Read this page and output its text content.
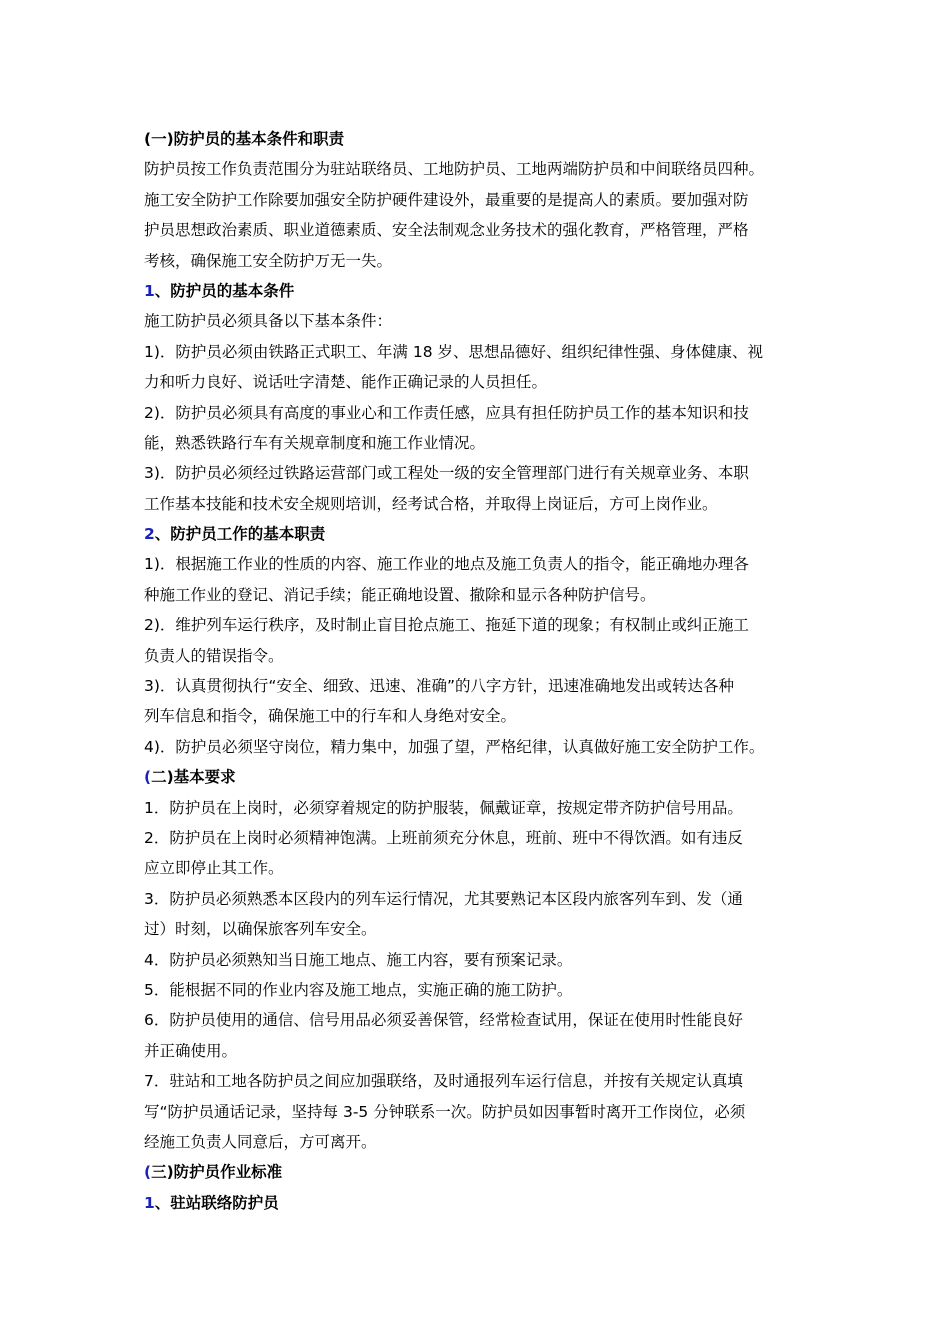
(一)防护员的基本条件和职责
防护员按工作负责范围分为驻站联络员、工地防护员、工地两端防护员和中间联络员四种。
施工安全防护工作除要加强安全防护硬件建设外，最重要的是提高人的素质。要加强对防
护员思想政治素质、职业道德素质、安全法制观念业务技术的强化教育，严格管理，严格
考核，确保施工安全防护万无一失。
1、防护员的基本条件
施工防护员必须具备以下基本条件：
1)．防护员必须由铁路正式职工、年满 18 岁、思想品德好、组织纪律性强、身体健康、视
力和听力良好、说话吐字清楚、能作正确记录的人员担任。
2)．防护员必须具有高度的事业心和工作责任感，应具有担任防护员工作的基本知识和技
能，熟悉铁路行车有关规章制度和施工作业情况。
3)．防护员必须经过铁路运营部门或工程处一级的安全管理部门进行有关规章业务、本职
工作基本技能和技术安全规则培训，经考试合格，并取得上岗证后，方可上岗作业。
2、防护员工作的基本职责
1)．根据施工作业的性质的内容、施工作业的地点及施工负责人的指令，能正确地办理各
种施工作业的登记、消记手续；能正确地设置、撤除和显示各种防护信号。
2)．维护列车运行秩序，及时制止盲目抢点施工、拖延下道的现象；有权制止或纠正施工
负责人的错误指令。
3)．认真贯彻执行“安全、细致、迅速、准确”的八字方针，迅速准确地发出或转达各种
列车信息和指令，确保施工中的行车和人身绝对安全。
4)．防护员必须坚守岗位，精力集中，加强了望，严格纪律，认真做好施工安全防护工作。
(二)基本要求
1．防护员在上岗时，必须穿着规定的防护服装，佩戴证章，按规定带齐防护信号用品。
2．防护员在上岗时必须精神饱满。上班前须充分休息，班前、班中不得饮酒。如有违反
应立即停止其工作。
3．防护员必须熟悉本区段内的列车运行情况，尤其要熟记本区段内旅客列车到、发（通
过）时刻，以确保旅客列车安全。
4．防护员必须熟知当日施工地点、施工内容，要有预案记录。
5．能根据不同的作业内容及施工地点，实施正确的施工防护。
6．防护员使用的通信、信号用品必须妥善保管，经常检查试用，保证在使用时性能良好
并正确使用。
7．驻站和工地各防护员之间应加强联络，及时通报列车运行信息，并按有关规定认真填
写“防护员通话记录，坚持每 3-5 分钟联系一次。防护员如因事暂时离开工作岗位，必须
经施工负责人同意后，方可离开。
(三)防护员作业标准
1、驻站联络防护员
